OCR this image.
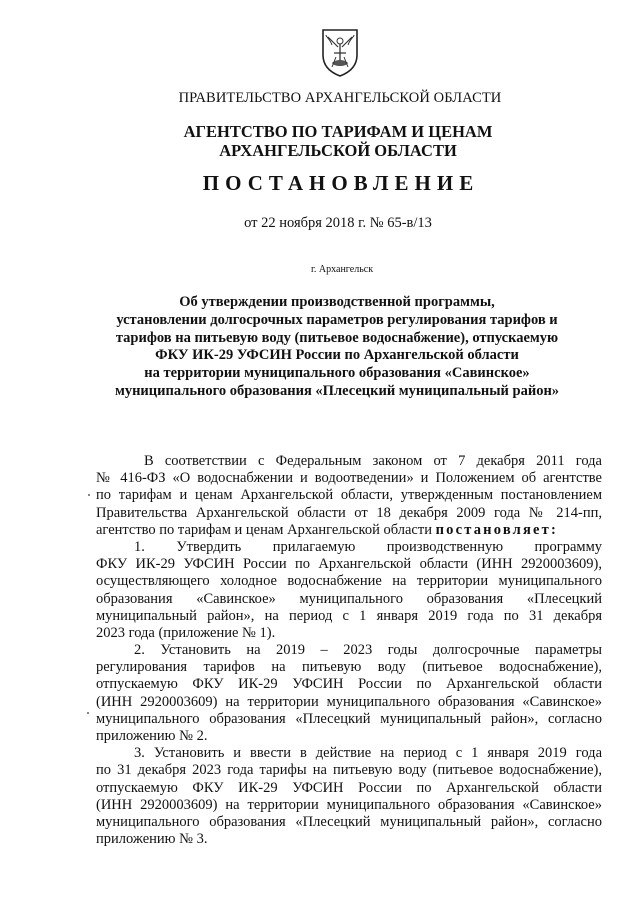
ПРАВИТЕЛЬСТВО АРХАНГЕЛЬСКОЙ ОБЛАСТИ
АГЕНТСТВО ПО ТАРИФАМ И ЦЕНАМ
АРХАНГЕЛЬСКОЙ ОБЛАСТИ
ПОСТАНОВЛЕНИЕ
от 22 ноября 2018 г. № 65-в/13
г. Архангельск
Об утверждении производственной программы,
установлении долгосрочных параметров регулирования тарифов и
тарифов на питьевую воду (питьевое водоснабжение), отпускаемую
ФКУ ИК-29 УФСИН России по Архангельской области
на территории муниципального образования «Савинское»
муниципального образования «Плесецкий муниципальный район»
В соответствии с Федеральным законом от 7 декабря 2011 года
№ 416-ФЗ «О водоснабжении и водоотведении» и Положением об агентстве
по тарифам и ценам Архангельской области, утвержденным постановлением
Правительства Архангельской области от 18 декабря 2009 года № 214-пп,
агентство по тарифам и ценам Архангельской области постановляет:
1. Утвердить прилагаемую производственную программу
ФКУ ИК-29 УФСИН России по Архангельской области (ИНН 2920003609),
осуществляющего холодное водоснабжение на территории муниципального
образования «Савинское» муниципального образования «Плесецкий
муниципальный район», на период с 1 января 2019 года по 31 декабря
2023 года (приложение № 1).
2. Установить на 2019 – 2023 годы долгосрочные параметры
регулирования тарифов на питьевую воду (питьевое водоснабжение),
отпускаемую ФКУ ИК-29 УФСИН России по Архангельской области
(ИНН 2920003609) на территории муниципального образования «Савинское»
муниципального образования «Плесецкий муниципальный район», согласно
приложению № 2.
3. Установить и ввести в действие на период с 1 января 2019 года
по 31 декабря 2023 года тарифы на питьевую воду (питьевое водоснабжение),
отпускаемую ФКУ ИК-29 УФСИН России по Архангельской области
(ИНН 2920003609) на территории муниципального образования «Савинское»
муниципального образования «Плесецкий муниципальный район», согласно
приложению № 3.
